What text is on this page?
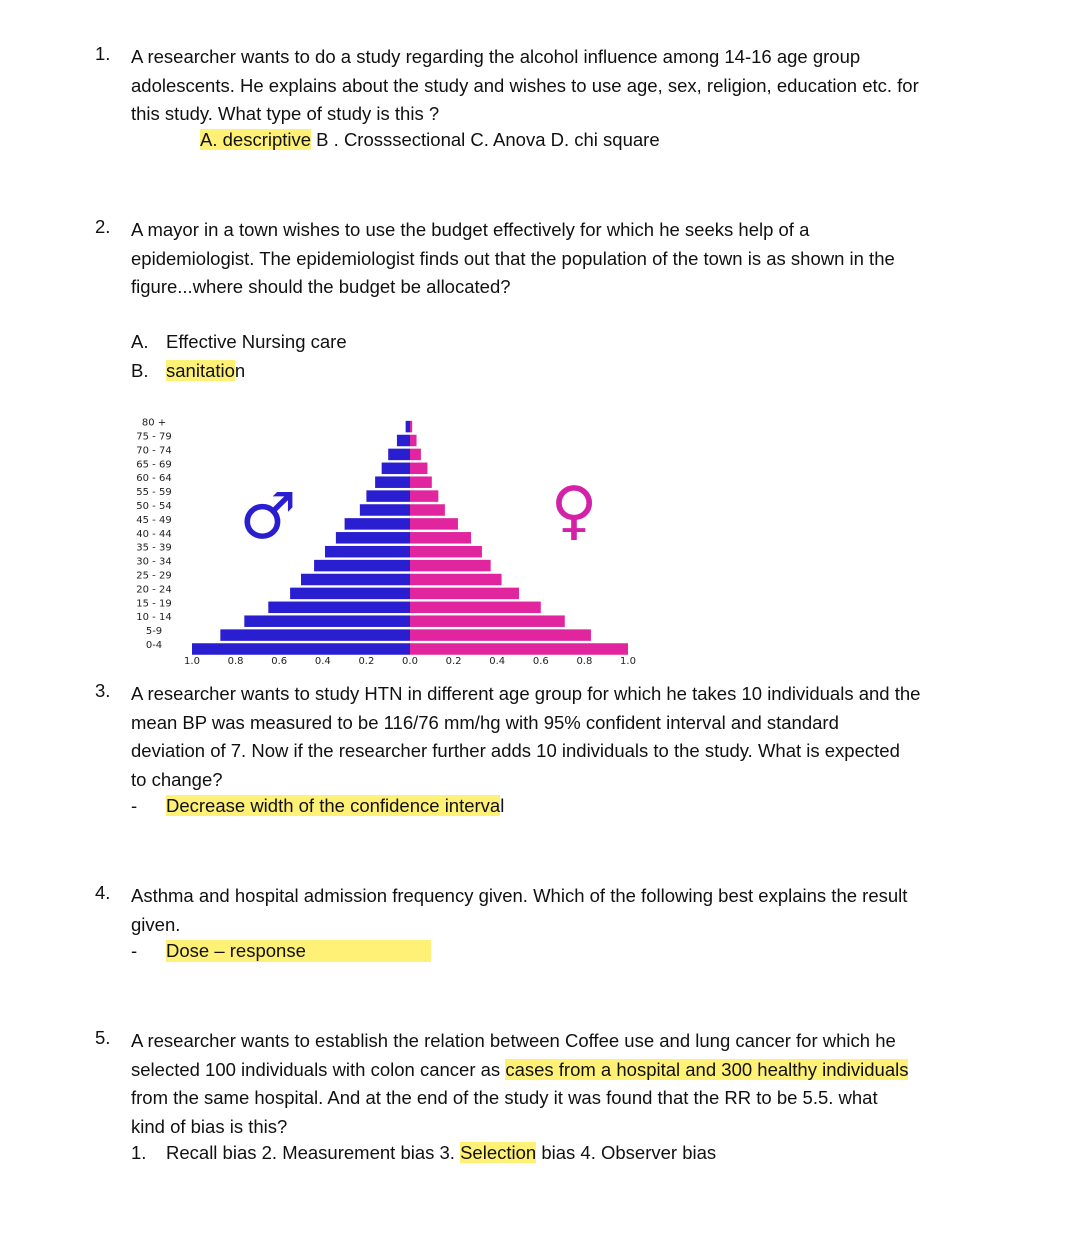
1.	A researcher wants to do a study regarding the alcohol influence among 14-16 age group
adolescents. He explains about the study and wishes to use age, sex, religion, education etc. for
this study. What type of study is this ?
A. descriptive B . Crosssectional C. Anova D. chi square
2.	A mayor in a town wishes to use the budget effectively for which he seeks help of a
epidemiologist. The epidemiologist finds out that the population of the town is as shown in the
figure...where should the budget be allocated?
A. Effective Nursing care
B. sanitation
0-4
5-9
10 - 14
15 - 19
20 - 24
25 - 29
30 - 34
35 - 39
40 - 44
45 - 49
50 - 54
55 - 59
60 - 64
65 - 69
70 - 74
75 - 79
80 +
1.0	0.8	0.6	0.4	0.2	0.0	0.2	0.4	0.6	0.8	1.0
♂	♀
3.	A researcher wants to study HTN in different age group for which he takes 10 individuals and the
mean BP was measured to be 116/76 mm/hg with 95% confident interval and standard
deviation of 7. Now if the researcher further adds 10 individuals to the study. What is expected
to change?
- Decrease width of the confidence interval
4.	Asthma and hospital admission frequency given. Which of the following best explains the result
given.
- Dose – response
5.	A researcher wants to establish the relation between Coffee use and lung cancer for which he
selected 100 individuals with colon cancer as cases from a hospital and 300 healthy individuals
from the same hospital. And at the end of the study it was found that the RR to be 5.5. what
kind of bias is this?
1. Recall bias 2. Measurement bias 3. Selection bias 4. Observer bias
